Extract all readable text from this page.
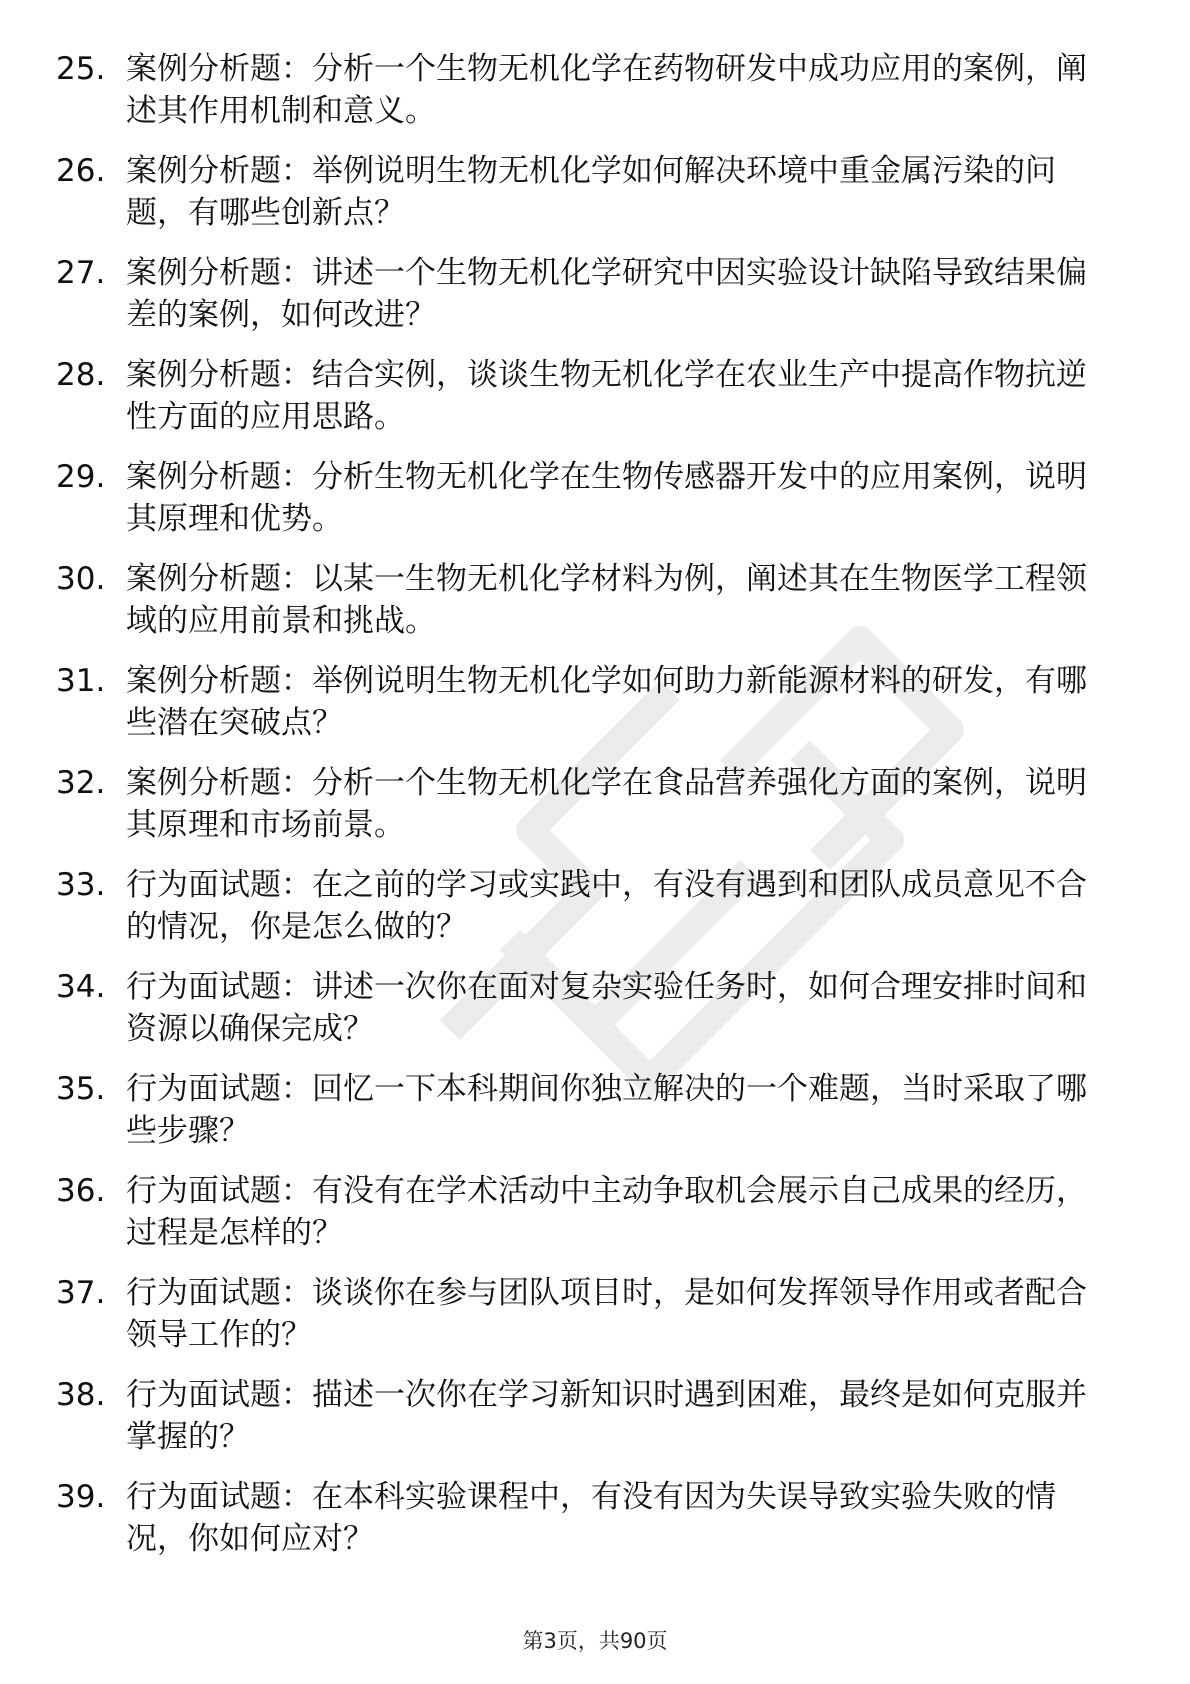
25. 案例分析题：分析一个生物无机化学在药物研发中成功应用的案例，阐述其作用机制和意义。
26. 案例分析题：举例说明生物无机化学如何解决环境中重金属污染的问题，有哪些创新点？
27. 案例分析题：讲述一个生物无机化学研究中因实验设计缺陷导致结果偏差的案例，如何改进？
28. 案例分析题：结合实例，谈谈生物无机化学在农业生产中提高作物抗逆性方面的应用思路。
29. 案例分析题：分析生物无机化学在生物传感器开发中的应用案例，说明其原理和优势。
30. 案例分析题：以某一生物无机化学材料为例，阐述其在生物医学工程领域的应用前景和挑战。
31. 案例分析题：举例说明生物无机化学如何助力新能源材料的研发，有哪些潜在突破点？
32. 案例分析题：分析一个生物无机化学在食品营养强化方面的案例，说明其原理和市场前景。
33. 行为面试题：在之前的学习或实践中，有没有遇到和团队成员意见不合的情况，你是怎么做的？
34. 行为面试题：讲述一次你在面对复杂实验任务时，如何合理安排时间和资源以确保完成？
35. 行为面试题：回忆一下本科期间你独立解决的一个难题，当时采取了哪些步骤？
36. 行为面试题：有没有在学术活动中主动争取机会展示自己成果的经历，过程是怎样的？
37. 行为面试题：谈谈你在参与团队项目时，是如何发挥领导作用或者配合领导工作的？
38. 行为面试题：描述一次你在学习新知识时遇到困难，最终是如何克服并掌握的？
39. 行为面试题：在本科实验课程中，有没有因为失误导致实验失败的情况，你如何应对？
第3页，共90页
